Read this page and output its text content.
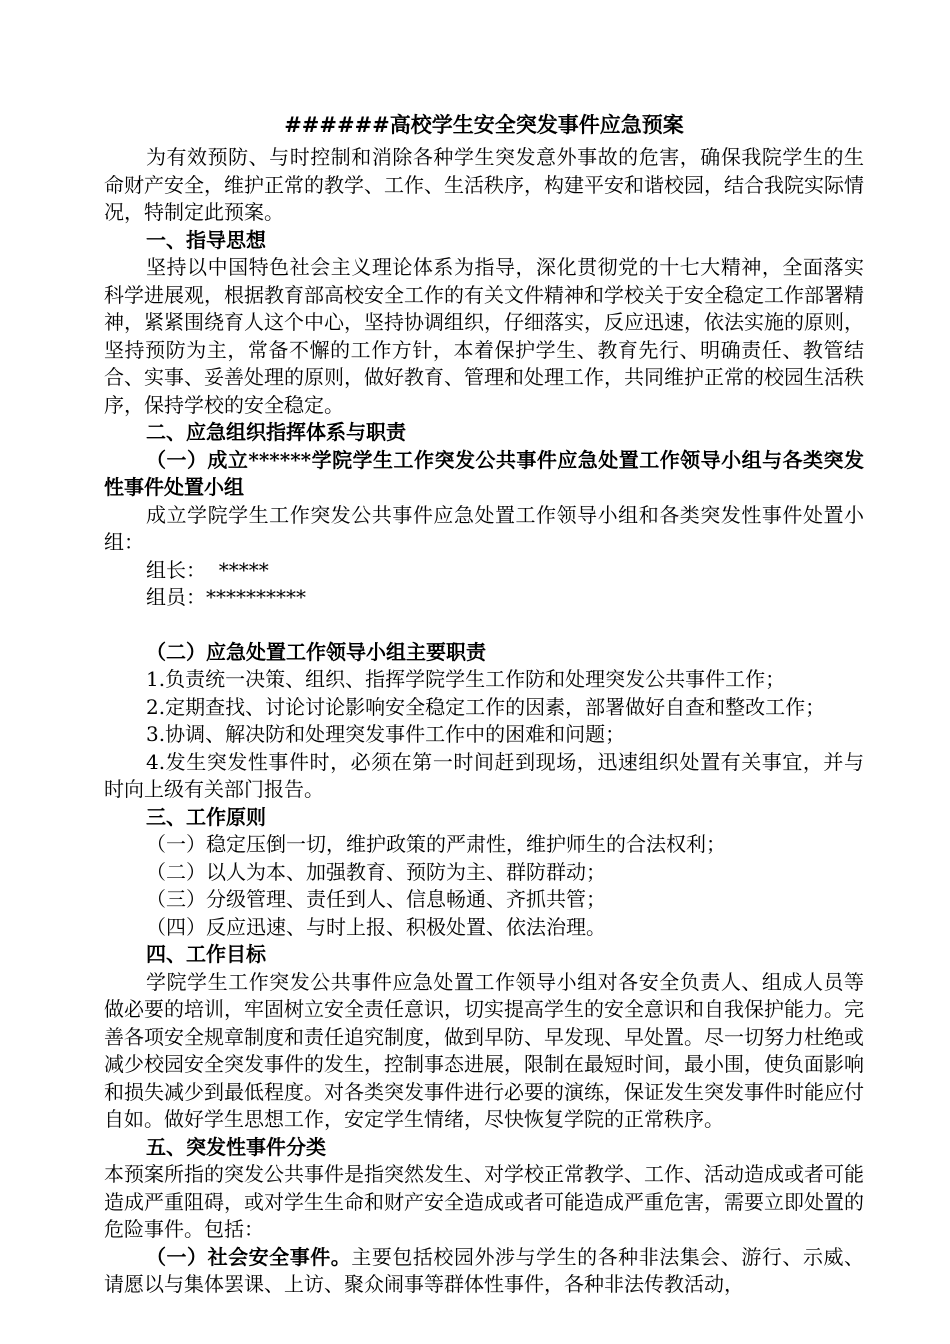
######高校学生安全突发事件应急预案

为有效预防、与时控制和消除各种学生突发意外事故的危害，确保我院学生的生命财产安全，维护正常的教学、工作、生活秩序，构建平安和谐校园，结合我院实际情况，特制定此预案。

一、指导思想

坚持以中国特色社会主义理论体系为指导，深化贯彻党的十七大精神，全面落实科学进展观，根据教育部高校安全工作的有关文件精神和学校关于安全稳定工作部署精神，紧紧围绕育人这个中心，坚持协调组织，仔细落实，反应迅速，依法实施的原则，坚持预防为主，常备不懈的工作方针，本着保护学生、教育先行、明确责任、教管结合、实事、妥善处理的原则，做好教育、管理和处理工作，共同维护正常的校园生活秩序，保持学校的安全稳定。

二、应急组织指挥体系与职责

（一）成立******学院学生工作突发公共事件应急处置工作领导小组与各类突发性事件处置小组

成立学院学生工作突发公共事件应急处置工作领导小组和各类突发性事件处置小组：

组长：  *****

组员：**********

（二）应急处置工作领导小组主要职责

1.负责统一决策、组织、指挥学院学生工作防和处理突发公共事件工作；

2.定期查找、讨论讨论影响安全稳定工作的因素，部署做好自查和整改工作；

3.协调、解决防和处理突发事件工作中的困难和问题；

4.发生突发性事件时，必须在第一时间赶到现场，迅速组织处置有关事宜，并与时向上级有关部门报告。

三、工作原则

（一）稳定压倒一切，维护政策的严肃性，维护师生的合法权利；

（二）以人为本、加强教育、预防为主、群防群动；

（三）分级管理、责任到人、信息畅通、齐抓共管；

（四）反应迅速、与时上报、积极处置、依法治理。

四、工作目标

学院学生工作突发公共事件应急处置工作领导小组对各安全负责人、组成人员等做必要的培训，牢固树立安全责任意识，切实提高学生的安全意识和自我保护能力。完善各项安全规章制度和责任追究制度，做到早防、早发现、早处置。尽一切努力杜绝或减少校园安全突发事件的发生，控制事态进展，限制在最短时间，最小围，使负面影响和损失减少到最低程度。对各类突发事件进行必要的演练，保证发生突发事件时能应付自如。做好学生思想工作，安定学生情绪，尽快恢复学院的正常秩序。

五、突发性事件分类

本预案所指的突发公共事件是指突然发生、对学校正常教学、工作、活动造成或者可能造成严重阻碍，或对学生生命和财产安全造成或者可能造成严重危害，需要立即处置的危险事件。包括：

（一）社会安全事件。主要包括校园外涉与学生的各种非法集会、游行、示威、请愿以与集体罢课、上访、聚众闹事等群体性事件，各种非法传教活动，
